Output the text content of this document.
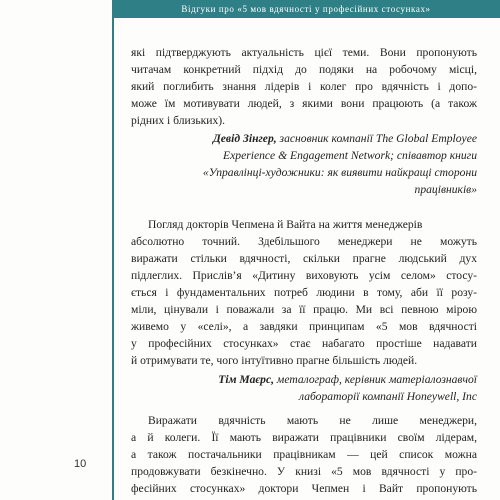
Відгуки про «5 мов вдячності у професійних стосунках»
які підтверджують актуальність цієї теми. Вони пропонують
читачам конкретний підхід до подяки на робочому місці,
який поглибить знання лідерів і колег про вдячність і допо-
може їм мотивувати людей, з якими вони працюють (а також
рідних і близьких).
Девід Зінгер, засновник компанії The Global Employee
Experience & Engagement Network; співавтор книги
«Управлінці-художники: як виявити найкращі сторони
працівників»
Погляд докторів Чепмена й Вайта на життя менеджерів
абсолютно точний. Здебільшого менеджери не можуть
виражати стільки вдячності, скільки прагне людський дух
підлеглих. Прислів’я «Дитину виховують усім селом» стосу-
ється і фундаментальних потреб людини в тому, аби її розу-
міли, цінували і поважали за її працю. Ми всі певною мірою
живемо у «селі», а завдяки принципам «5 мов вдячності
у професійних стосунках» стає набагато простіше надавати
й отримувати те, чого інтуїтивно прагне більшість людей.
Тім Маєрс, металограф, керівник матеріалознавчої
лабораторії компанії Honeywell, Inc
Виражати вдячність мають не лише менеджери,
а й колеги. Її мають виражати працівники своїм лідерам,
а також постачальники працівникам — цей список можна
продовжувати безкінечно. У книзі «5 мов вдячності у про-
фесійних стосунках» доктори Чепмен і Вайт пропонують
10
